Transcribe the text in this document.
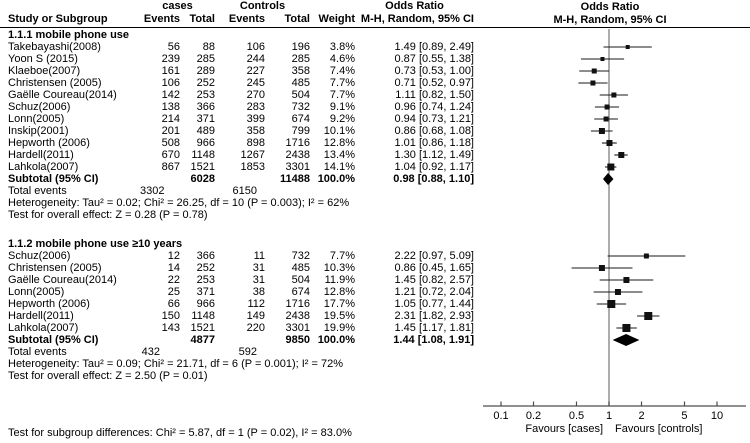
cases	Controls	Odds Ratio
Study or Subgroup	Events Total	Events	Total Weight M-H, Random, 95% CI
Odds Ratio
M-H, Random, 95% CI
1.1.1 mobile phone use
Takebayashi(2008)	56	88	106	196	3.8%	1.49 [0.89, 2.49]
Yoon S (2015)	239	285	244	285	4.6%	0.87 [0.55, 1.38]
Klaeboe(2007)	161	289	227	358	7.4%	0.73 [0.53, 1.00]
Christensen (2005)	106	252	245	485	7.7%	0.71 [0.52, 0.97]
Gaëlle Coureau(2014)	142	253	270	504	7.7%	1.11 [0.82, 1.50]
Schuz(2006)	138	366	283	732	9.1%	0.96 [0.74, 1.24]
Lonn(2005)	214	371	399	674	9.2%	0.94 [0.73, 1.21]
Inskip(2001)	201	489	358	799	10.1%	0.86 [0.68, 1.08]
Hepworth (2006)	508	966	898	1716	12.8%	1.01 [0.86, 1.18]
Hardell(2011)	670	1148	1267	2438	13.4%	1.30 [1.12, 1.49]
Lahkola(2007)	867 1521	1853	3301	14.1%	1.04 [0.92, 1.17]
Subtotal (95% CI)	6028	11488 100.0%	0.98 [0.88, 1.10]
Total events	3302	6150
Heterogeneity: Tau² = 0.02; Chi² = 26.25, df = 10 (P = 0.003); I² = 62%
Test for overall effect: Z = 0.28 (P = 0.78)
1.1.2 mobile phone use ≥10 years
Schuz(2006)	12	366	11	732	7.7%	2.22 [0.97, 5.09]
Christensen (2005)	14	252	31	485	10.3%	0.86 [0.45, 1.65]
Gaëlle Coureau(2014)	22	253	31	504	11.9%	1.45 [0.82, 2.57]
Lonn(2005)	25	371	38	674	12.8%	1.21 [0.72, 2.04]
Hepworth (2006)	66	966	112	1716	17.7%	1.05 [0.77, 1.44]
Hardell(2011)	150	1148	149	2438	19.5%	2.31 [1.82, 2.93]
Lahkola(2007)	143 1521	220	3301	19.9%	1.45 [1.17, 1.81]
Subtotal (95% CI)	4877	9850 100.0%	1.44 [1.08, 1.91]
Total events	432	592
Heterogeneity: Tau² = 0.09; Chi² = 21.71, df = 6 (P = 0.001); I² = 72%
Test for overall effect: Z = 2.50 (P = 0.01)
0.1 0.2	0.5 1 2	5 10
Favours [cases] Favours [controls]
Test for subgroup differences: Chi² = 5.87, df = 1 (P = 0.02), I² = 83.0%
